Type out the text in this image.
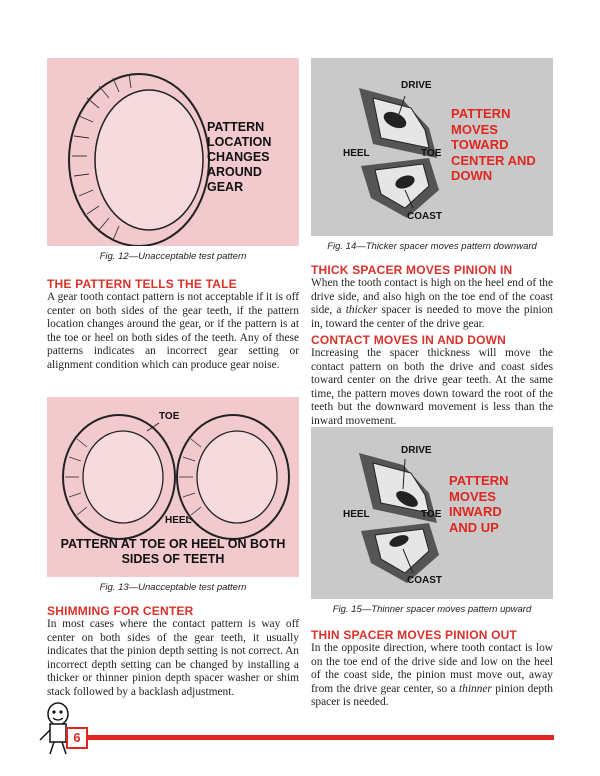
PATTERN
LOCATION
CHANGES
AROUND GEAR
Fig. 12—Unacceptable test pattern
THE PATTERN TELLS THE TALE

A gear tooth contact pattern is not acceptable if it is off center on both sides of the gear teeth, if the pattern location changes around the gear, or if the pattern is at the toe or heel on both sides of the teeth. Any of these patterns indicates an incorrect gear setting or alignment condition which can produce gear noise.

TOE
HEEL
PATTERN AT TOE OR HEEL ON BOTH
SIDES OF TEETH
Fig. 13—Unacceptable test pattern
SHIMMING FOR CENTER

In most cases where the contact pattern is way off center on both sides of the gear teeth, it usually indicates that the pinion depth setting is not correct. An incorrect depth setting can be changed by installing a thicker or thinner pinion depth spacer washer or shim stack followed by a backlash adjustment.

DRIVE
HEEL	TOE
COAST
PATTERN MOVES
TOWARD
CENTER AND
DOWN
Fig. 14—Thicker spacer moves pattern downward
THICK SPACER MOVES PINION IN

When the tooth contact is high on the heel end of the drive side, and also high on the toe end of the coast side, a thicker spacer is needed to move the pinion in, toward the center of the drive gear.

CONTACT MOVES IN AND DOWN

Increasing the spacer thickness will move the contact pattern on both the drive and coast sides toward center on the drive gear teeth. At the same time, the pattern moves down toward the root of the teeth but the downward movement is less than the inward movement.

DRIVE
HEEL	TOE
COAST
PATTERN
MOVES
INWARD
AND UP
Fig. 15—Thinner spacer moves pattern upward
THIN SPACER MOVES PINION OUT

In the opposite direction, where tooth contact is low on the toe end of the drive side and low on the heel of the coast side, the pinion must move out, away from the drive gear center, so a thinner pinion depth spacer is needed.

6
